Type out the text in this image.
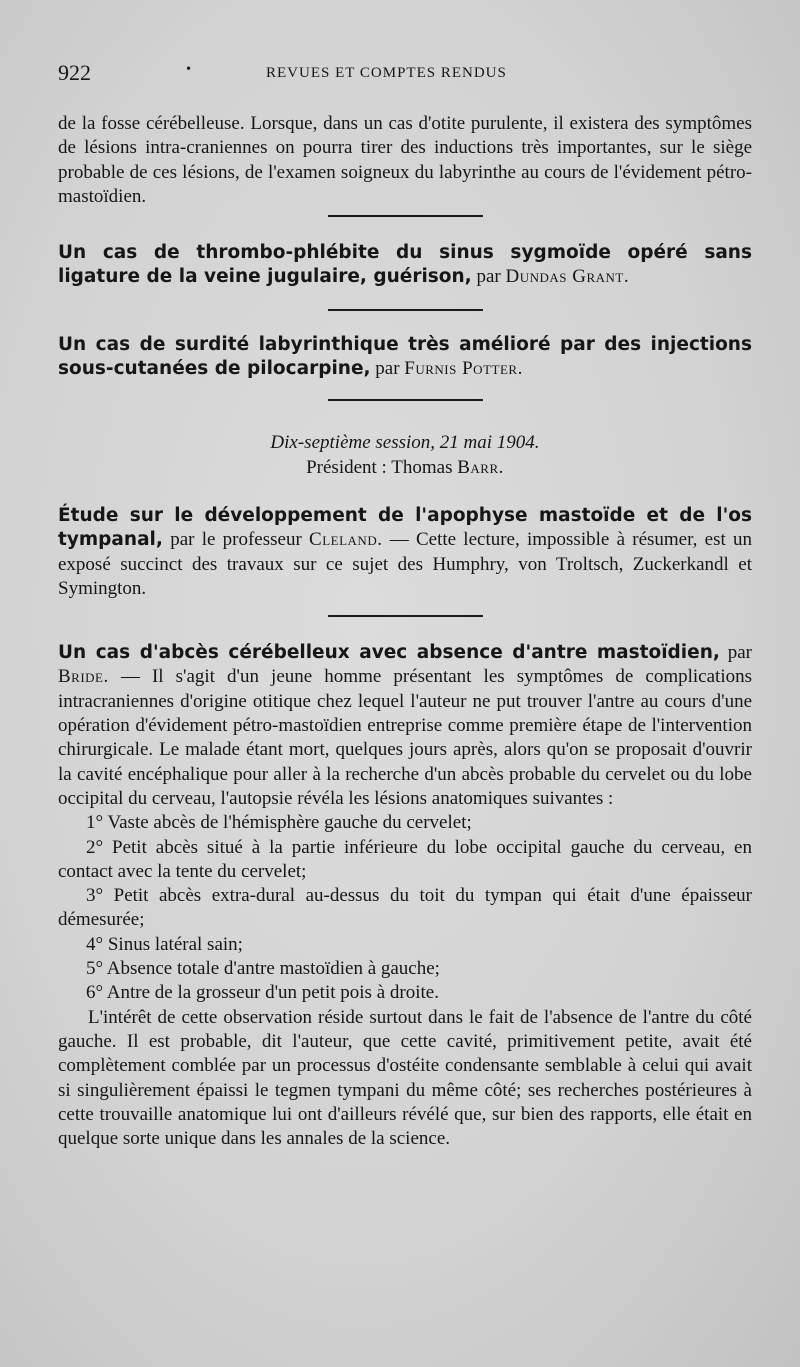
922	•	REVUES ET COMPTES RENDUS

de la fosse cérébelleuse. Lorsque, dans un cas d'otite purulente, il existera des symptômes de lésions intra-craniennes on pourra tirer des inductions très importantes, sur le siège probable de ces lésions, de l'examen soigneux du labyrinthe au cours de l'évidement pétro-mastoïdien.

Un cas de thrombo-phlébite du sinus sygmoïde opéré sans ligature de la veine jugulaire, guérison, par Dundas Grant.

Un cas de surdité labyrinthique très amélioré par des injections sous-cutanées de pilocarpine, par Furnis Potter.

Dix-septième session, 21 mai 1904.
Président : Thomas Barr.

Étude sur le développement de l'apophyse mastoïde et de l'os tympanal, par le professeur Cleland. — Cette lecture, impossible à résumer, est un exposé succinct des travaux sur ce sujet des Humphry, von Troltsch, Zuckerkandl et Symington.

Un cas d'abcès cérébelleux avec absence d'antre mastoïdien, par Bride. — Il s'agit d'un jeune homme présentant les symptômes de complications intracraniennes d'origine otitique chez lequel l'auteur ne put trouver l'antre au cours d'une opération d'évidement pétro-mastoïdien entreprise comme première étape de l'intervention chirurgicale. Le malade étant mort, quelques jours après, alors qu'on se proposait d'ouvrir la cavité encéphalique pour aller à la recherche d'un abcès probable du cervelet ou du lobe occipital du cerveau, l'autopsie révéla les lésions anatomiques suivantes :

1° Vaste abcès de l'hémisphère gauche du cervelet;

2° Petit abcès situé à la partie inférieure du lobe occipital gauche du cerveau, en contact avec la tente du cervelet;

3° Petit abcès extra-dural au-dessus du toit du tympan qui était d'une épaisseur démesurée;

4° Sinus latéral sain;

5° Absence totale d'antre mastoïdien à gauche;

6° Antre de la grosseur d'un petit pois à droite.

L'intérêt de cette observation réside surtout dans le fait de l'absence de l'antre du côté gauche. Il est probable, dit l'auteur, que cette cavité, primitivement petite, avait été complètement comblée par un processus d'ostéite condensante semblable à celui qui avait si singulièrement épaissi le tegmen tympani du même côté; ses recherches postérieures à cette trouvaille anatomique lui ont d'ailleurs révélé que, sur bien des rapports, elle était en quelque sorte unique dans les annales de la science.
